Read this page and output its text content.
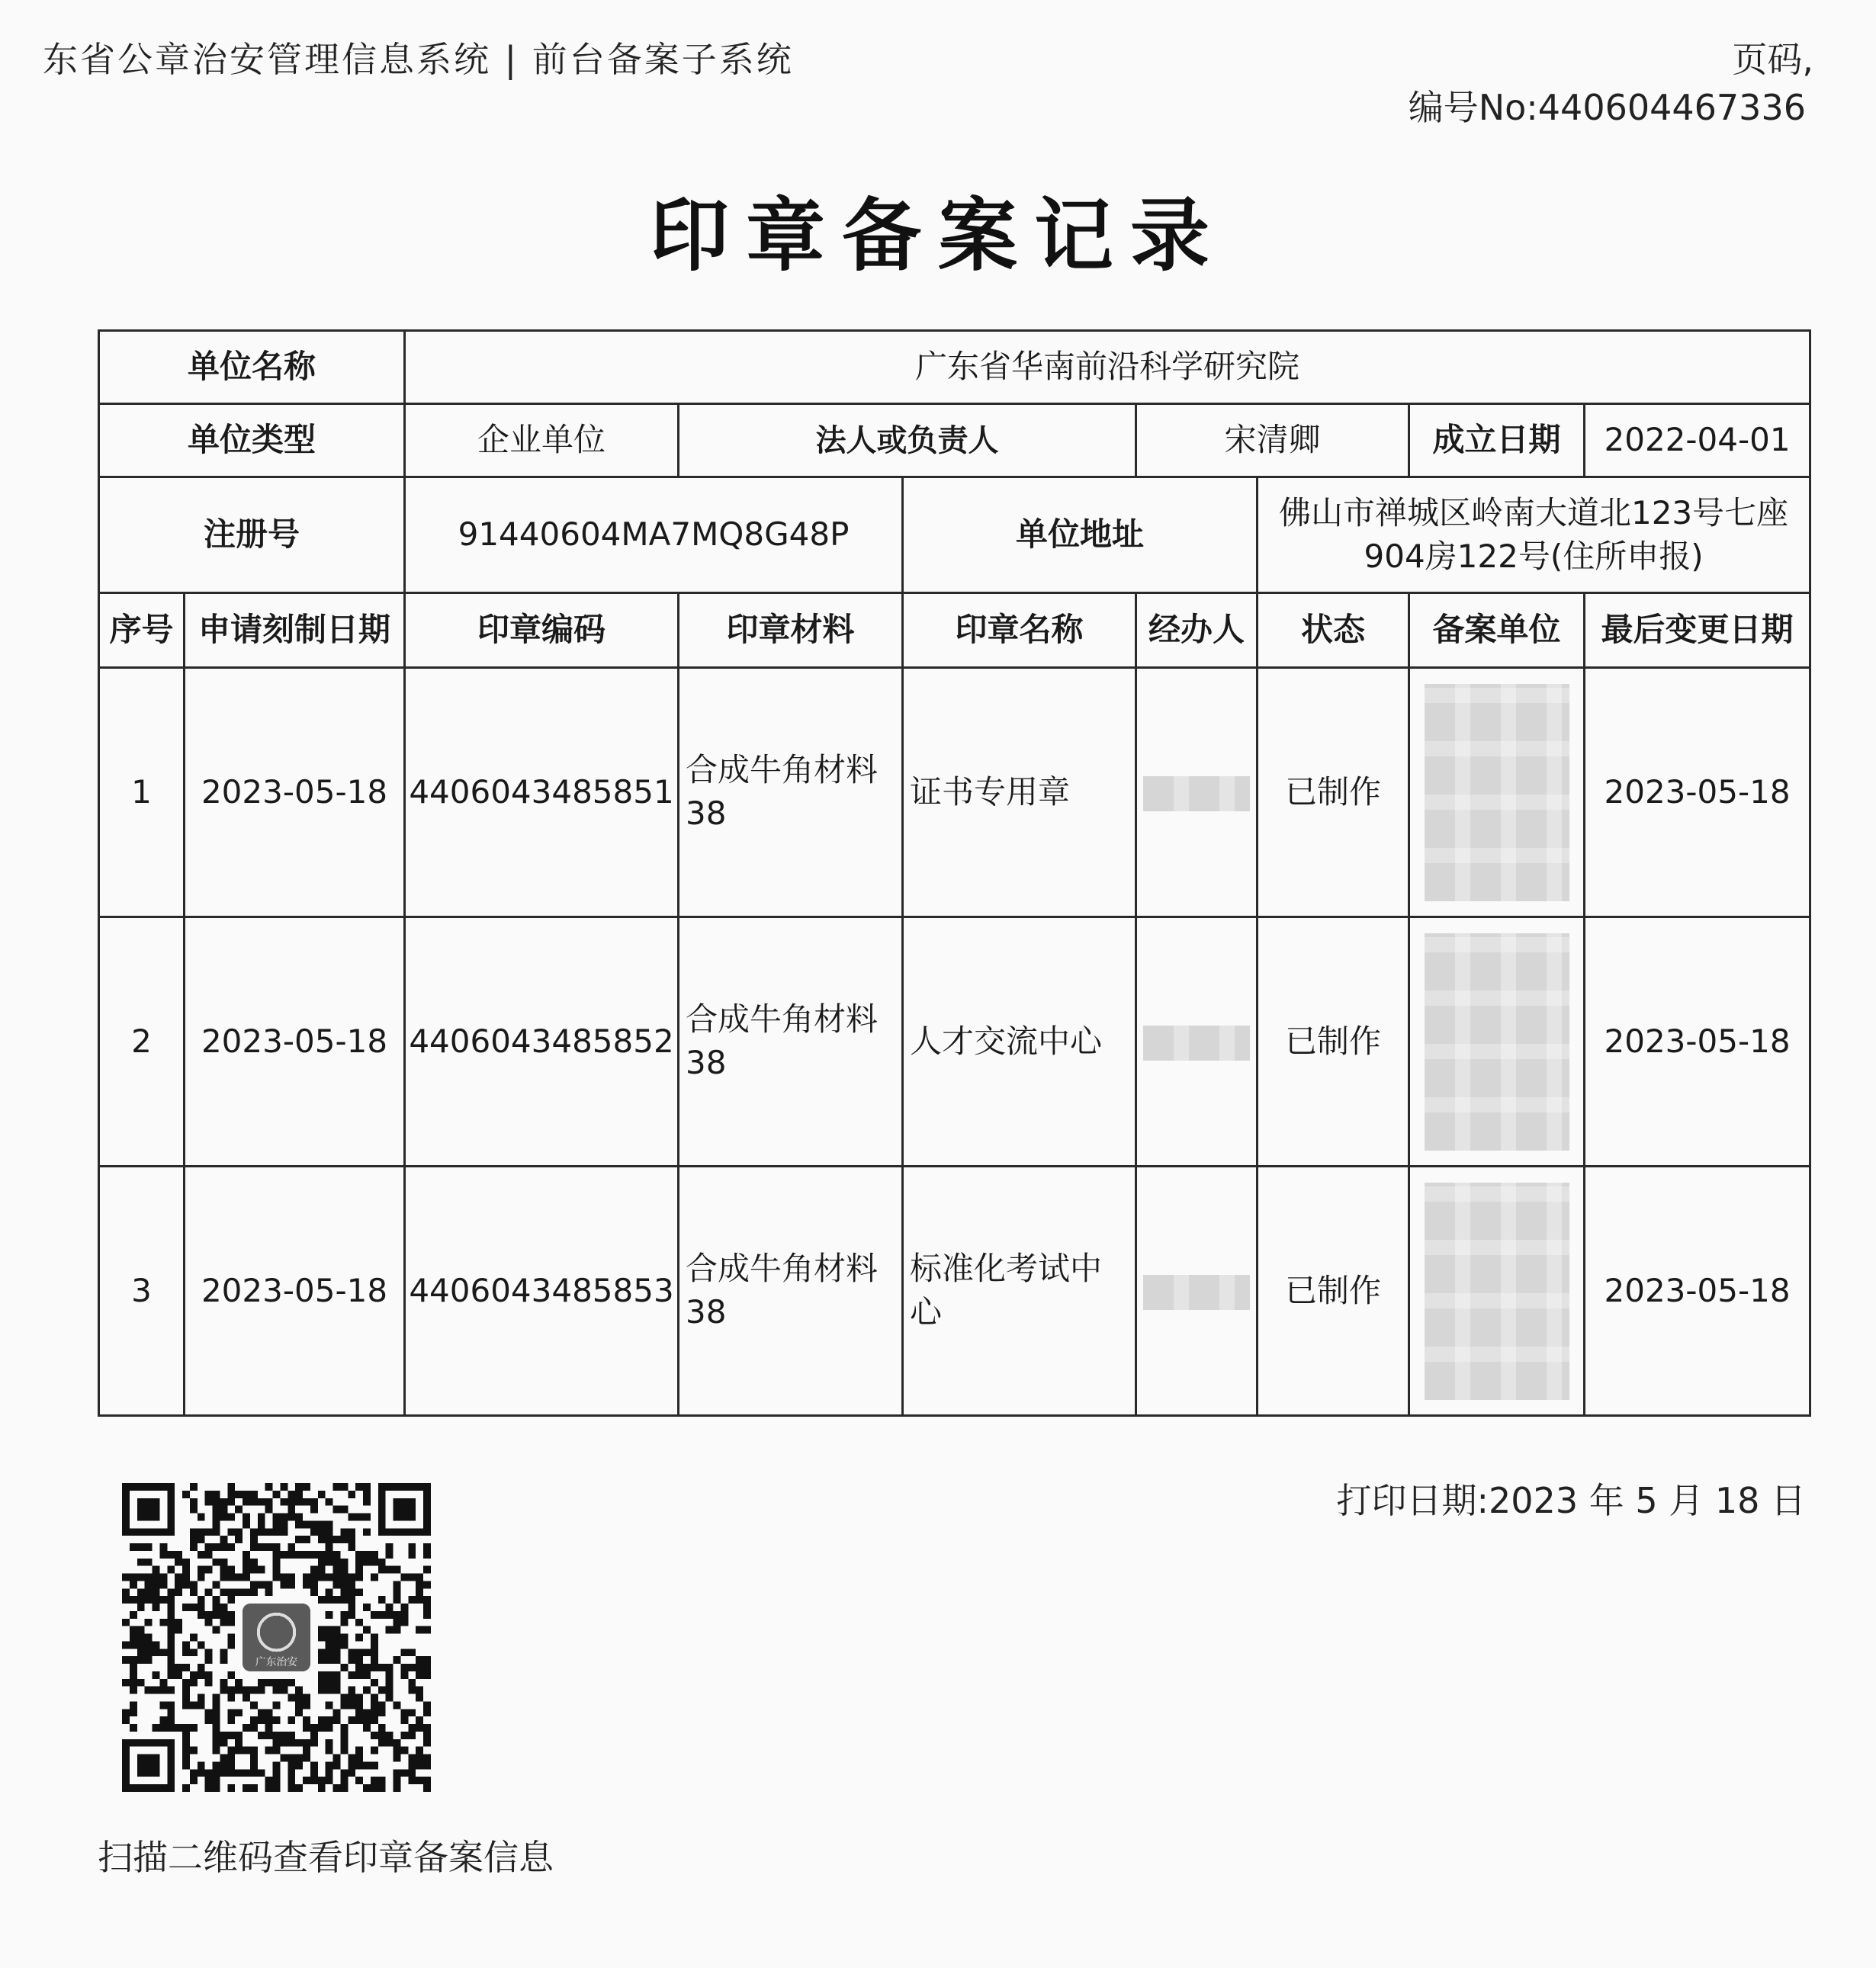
东省公章治安管理信息系统 | 前台备案子系统	页码,
编号No:440604467336
印章备案记录
单位名称		广东省华南前沿科学研究院						
单位类型		企业单位	法人或负责人		宋清卿		成立日期	2022-04-01
注册号		91440604MA7MQ8G48P		单位地址		佛山市禅城区岭南大道北123号七座904房122号(住所申报)		
序号	申请刻制日期	印章编码	印章材料	印章名称	经办人	状态	备案单位	最后变更日期
1	2023-05-18	4406043485851	合成牛角材料38	证书专用章		已制作		2023-05-18
2	2023-05-18	4406043485852	合成牛角材料38	人才交流中心		已制作		2023-05-18
3	2023-05-18	4406043485853	合成牛角材料38	标准化考试中心		已制作		2023-05-18
打印日期:2023 年 5 月 18 日
广东治安
扫描二维码查看印章备案信息
